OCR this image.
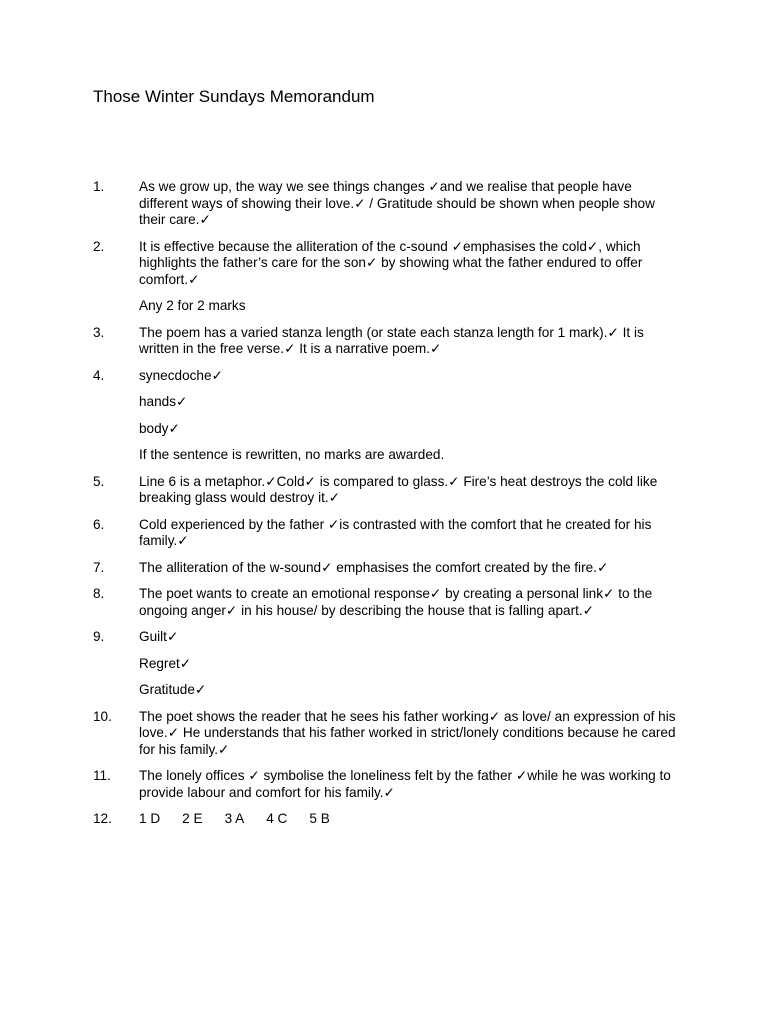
Those Winter Sundays Memorandum
1.	As we grow up, the way we see things changes ✓and we realise that people have different ways of showing their love.✓ / Gratitude should be shown when people show their care.✓

2.	It is effective because the alliteration of the c-sound ✓emphasises the cold✓, which highlights the father’s care for the son✓ by showing what the father endured to offer comfort.✓

Any 2 for 2 marks

3.	The poem has a varied stanza length (or state each stanza length for 1 mark).✓ It is written in the free verse.✓ It is a narrative poem.✓

4.	synecdoche✓

hands✓

body✓

If the sentence is rewritten, no marks are awarded.

5.	Line 6 is a metaphor.✓Cold✓ is compared to glass.✓ Fire’s heat destroys the cold like breaking glass would destroy it.✓

6.	Cold experienced by the father ✓is contrasted with the comfort that he created for his family.✓

7.	The alliteration of the w-sound✓ emphasises the comfort created by the fire.✓

8.	The poet wants to create an emotional response✓ by creating a personal link✓ to the ongoing anger✓ in his house/ by describing the house that is falling apart.✓

9.	Guilt✓

Regret✓

Gratitude✓

10.	The poet shows the reader that he sees his father working✓ as love/ an expression of his love.✓ He understands that his father worked in strict/lonely conditions because he cared for his family.✓

11.	The lonely offices ✓ symbolise the loneliness felt by the father ✓while he was working to provide labour and comfort for his family.✓

12.	1 D 2 E 3 A 4 C 5 B
